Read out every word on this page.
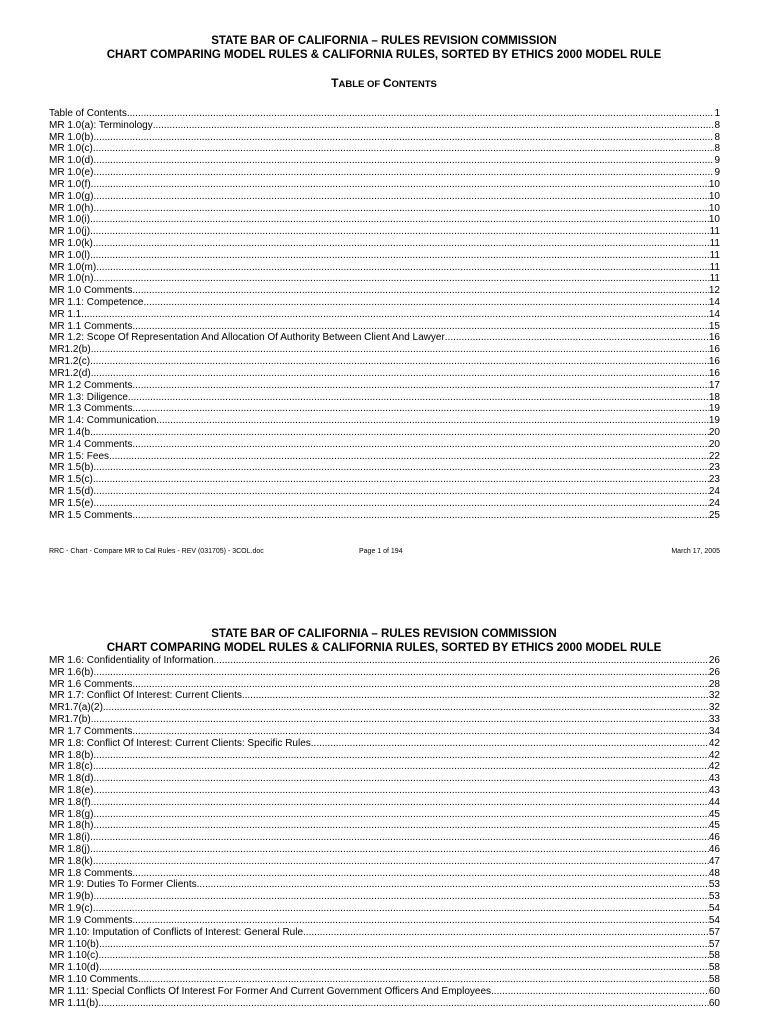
STATE BAR OF CALIFORNIA – RULES REVISION COMMISSION
CHART COMPARING MODEL RULES & CALIFORNIA RULES, SORTED BY ETHICS 2000 MODEL RULE
TABLE OF CONTENTS
Table of Contents .....	1
MR 1.0(a): Terminology .....	8
MR 1.0(b) .....	8
MR 1.0(c) .....	8
MR 1.0(d) .....	9
MR 1.0(e) .....	9
MR 1.0(f) .....	10
MR 1.0(g) .....	10
MR 1.0(h) .....	10
MR 1.0(i) .....	10
MR 1.0(j) .....	11
MR 1.0(k) .....	11
MR 1.0(l) .....	11
MR 1.0(m) .....	11
MR 1.0(n) .....	11
MR 1.0 Comments .....	12
MR 1.1: Competence .....	14
MR 1.1 .....	14
MR 1.1 Comments .....	15
MR 1.2: Scope Of Representation And Allocation Of Authority Between Client And Lawyer .....	16
MR1.2(b) .....	16
MR1.2(c) .....	16
MR1.2(d) .....	16
MR 1.2 Comments .....	17
MR 1.3: Diligence .....	18
MR 1.3 Comments .....	19
MR 1.4: Communication .....	19
MR 1.4(b .....	20
MR 1.4 Comments .....	20
MR 1.5: Fees .....	22
MR 1.5(b) .....	23
MR 1.5(c) .....	23
MR 1.5(d) .....	24
MR 1.5(e) .....	24
MR 1.5 Comments .....	25
RRC - Chart - Compare MR to Cal Rules - REV (031705) - 3COL.doc	Page 1 of 194	March 17, 2005
STATE BAR OF CALIFORNIA – RULES REVISION COMMISSION
CHART COMPARING MODEL RULES & CALIFORNIA RULES, SORTED BY ETHICS 2000 MODEL RULE
MR 1.6: Confidentiality of Information .....	26
MR 1.6(b) .....	26
MR 1.6 Comments .....	28
MR 1.7: Conflict Of Interest: Current Clients .....	32
MR1.7(a)(2) .....	32
MR1.7(b) .....	33
MR 1.7 Comments .....	34
MR 1.8: Conflict Of Interest: Current Clients: Specific Rules .....	42
MR 1.8(b) .....	42
MR 1.8(c) .....	42
MR 1.8(d) .....	43
MR 1.8(e) .....	43
MR 1.8(f) .....	44
MR 1.8(g) .....	45
MR 1.8(h) .....	45
MR 1.8(i) .....	46
MR 1.8(j) .....	46
MR 1.8(k) .....	47
MR 1.8 Comments .....	48
MR 1.9: Duties To Former Clients .....	53
MR 1.9(b) .....	53
MR 1.9(c) .....	54
MR 1.9 Comments .....	54
MR 1.10: Imputation of Conflicts of Interest: General Rule .....	57
MR 1.10(b) .....	57
MR 1.10(c) .....	58
MR 1.10(d) .....	58
MR 1.10 Comments .....	58
MR 1.11: Special Conflicts Of Interest For Former And Current Government Officers And Employees .....	60
MR 1.11(b) .....	60
